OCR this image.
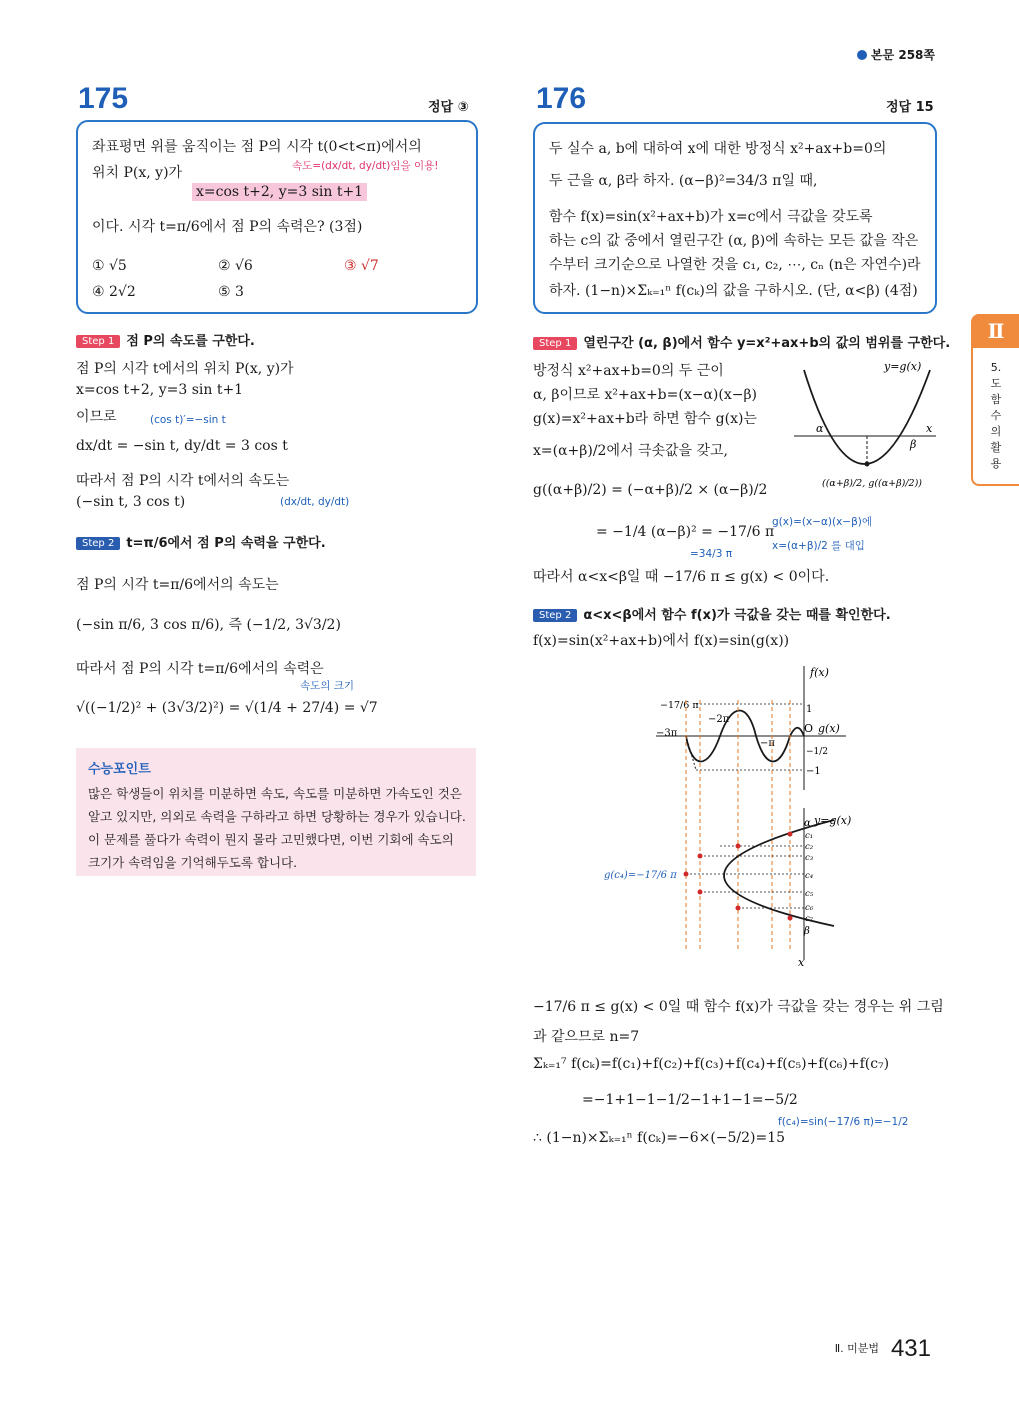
본문 258쪽
175	정답 ③
좌표평면 위를 움직이는 점 P의 시각 t(0<t<π)에서의
위치 P(x, y)가	속도=(dx/dt, dy/dt)임을 이용!
x=cos t+2, y=3 sin t+1
이다. 시각 t=π/6에서 점 P의 속력은? (3점)
① √5	② √6	③ √7
④ 2√2	⑤ 3
Step 1 점 P의 속도를 구한다.
점 P의 시각 t에서의 위치 P(x, y)가
x=cos t+2, y=3 sin t+1
이므로	(cos t)′=−sin t
dx/dt = −sin t, dy/dt = 3 cos t
따라서 점 P의 시각 t에서의 속도는
(−sin t, 3 cos t)	(dx/dt, dy/dt)
Step 2 t=π/6에서 점 P의 속력을 구한다.
점 P의 시각 t=π/6에서의 속도는
(−sin π/6, 3 cos π/6), 즉 (−1/2, 3√3/2)
따라서 점 P의 시각 t=π/6에서의 속력은
속도의 크기
√((−1/2)² + (3√3/2)²) = √(1/4 + 27/4) = √7
수능포인트
많은 학생들이 위치를 미분하면 속도, 속도를 미분하면 가속도인 것은 알고 있지만, 의외로 속력을 구하라고 하면 당황하는 경우가 있습니다. 이 문제를 풀다가 속력이 뭔지 몰라 고민했다면, 이번 기회에 속도의 크기가 속력임을 기억해두도록 합니다.
176	정답 15
두 실수 a, b에 대하여 x에 대한 방정식 x²+ax+b=0의
두 근을 α, β라 하자. (α−β)²=34/3 π일 때,
함수 f(x)=sin(x²+ax+b)가 x=c에서 극값을 갖도록
하는 c의 값 중에서 열린구간 (α, β)에 속하는 모든 값을 작은
수부터 크기순으로 나열한 것을 c₁, c₂, ⋯, cₙ (n은 자연수)라
하자. (1−n)×Σₖ₌₁ⁿ f(cₖ)의 값을 구하시오. (단, α<β) (4점)
Step 1 열린구간 (α, β)에서 함수 y=x²+ax+b의 값의 범위를 구한다.
방정식 x²+ax+b=0의 두 근이
α, β이므로 x²+ax+b=(x−α)(x−β)
g(x)=x²+ax+b라 하면 함수 g(x)는
x=(α+β)/2에서 극솟값을 갖고,
g((α+β)/2) = (−α+β)/2 × (α−β)/2
= −1/4 (α−β)² = −17/6 π
g(x)=(x−α)(x−β)에
x=(α+β)/2 를 대입
=34/3 π
따라서 α<x<β일 때 −17/6 π ≤ g(x) < 0이다.
α
β
x
y=g(x)
((α+β)/2, g((α+β)/2))
Step 2 α<x<β에서 함수 f(x)가 극값을 갖는 때를 확인한다.
f(x)=sin(x²+ax+b)에서 f(x)=sin(g(x))
f(x)
g(x)
O
1
−1/2
−1
−3π
−2π
−π
−17/6 π
y=g(x)
α
β
x
c₁
c₂
c₃
c₄
c₅
c₆
c₇
g(c₄)=−17/6 π
−17/6 π ≤ g(x) < 0일 때 함수 f(x)가 극값을 갖는 경우는 위 그림
과 같으므로 n=7
Σₖ₌₁⁷ f(cₖ)=f(c₁)+f(c₂)+f(c₃)+f(c₄)+f(c₅)+f(c₆)+f(c₇)
=−1+1−1−1/2−1+1−1=−5/2
f(c₄)=sin(−17/6 π)=−1/2
∴ (1−n)×Σₖ₌₁ⁿ f(cₖ)=−6×(−5/2)=15
Ⅱ
5. 도함수의 활용
Ⅱ. 미분법 431
